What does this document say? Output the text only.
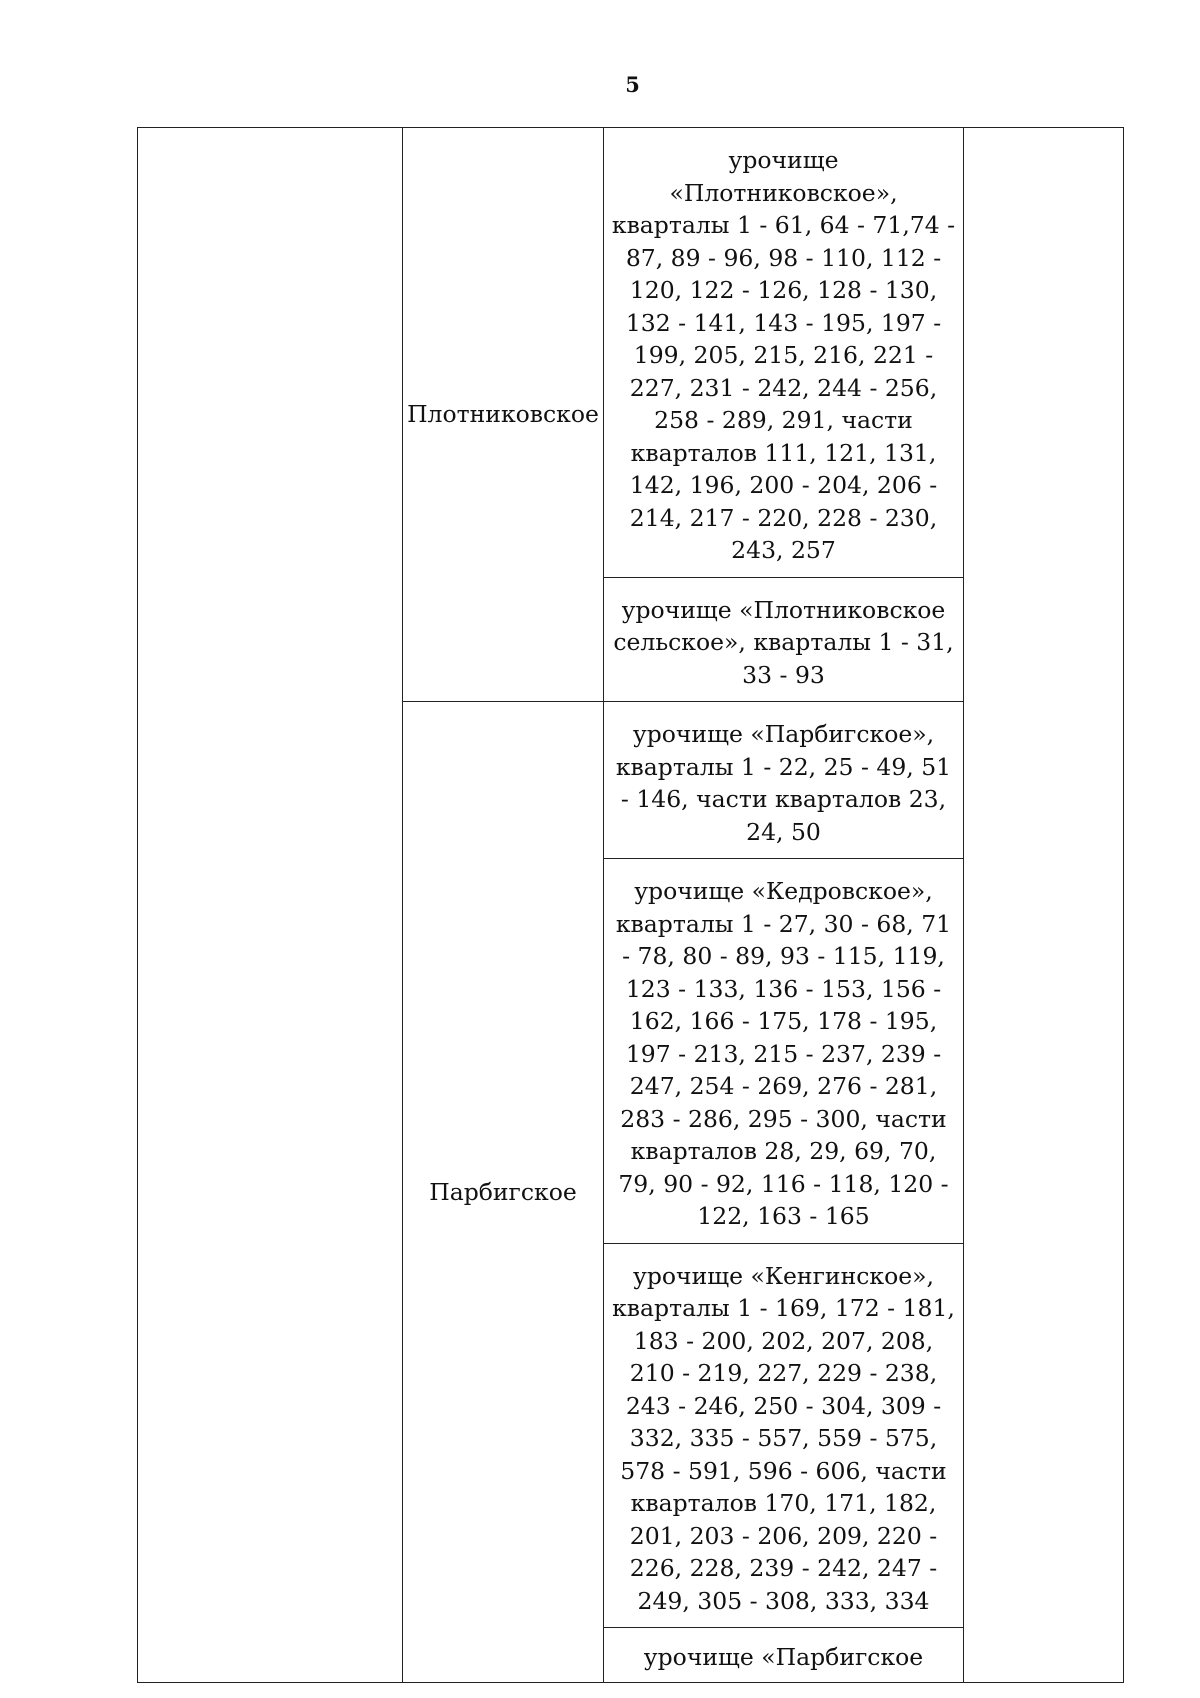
5
	Плотниковское	урочище «Плотниковское», кварталы 1 - 61, 64 - 71,74 - 87, 89 - 96, 98 - 110, 112 - 120, 122 - 126, 128 - 130, 132 - 141, 143 - 195, 197 - 199, 205, 215, 216, 221 - 227, 231 - 242, 244 - 256, 258 - 289, 291, части кварталов 111, 121, 131, 142, 196, 200 - 204, 206 - 214, 217 - 220, 228 - 230, 243, 257	
		урочище «Плотниковское сельское», кварталы 1 - 31, 33 - 93	
	Парбигское	урочище «Парбигское», кварталы 1 - 22, 25 - 49, 51 - 146, части кварталов 23, 24, 50	
		урочище «Кедровское», кварталы 1 - 27, 30 - 68, 71 - 78, 80 - 89, 93 - 115, 119, 123 - 133, 136 - 153, 156 - 162, 166 - 175, 178 - 195, 197 - 213, 215 - 237, 239 - 247, 254 - 269, 276 - 281, 283 - 286, 295 - 300, части кварталов 28, 29, 69, 70, 79, 90 - 92, 116 - 118, 120 - 122, 163 - 165	
		урочище «Кенгинское», кварталы 1 - 169, 172 - 181, 183 - 200, 202, 207, 208, 210 - 219, 227, 229 - 238, 243 - 246, 250 - 304, 309 - 332, 335 - 557, 559 - 575, 578 - 591, 596 - 606, части кварталов 170, 171, 182, 201, 203 - 206, 209, 220 - 226, 228, 239 - 242, 247 - 249, 305 - 308, 333, 334	
		урочище «Парбигское	
